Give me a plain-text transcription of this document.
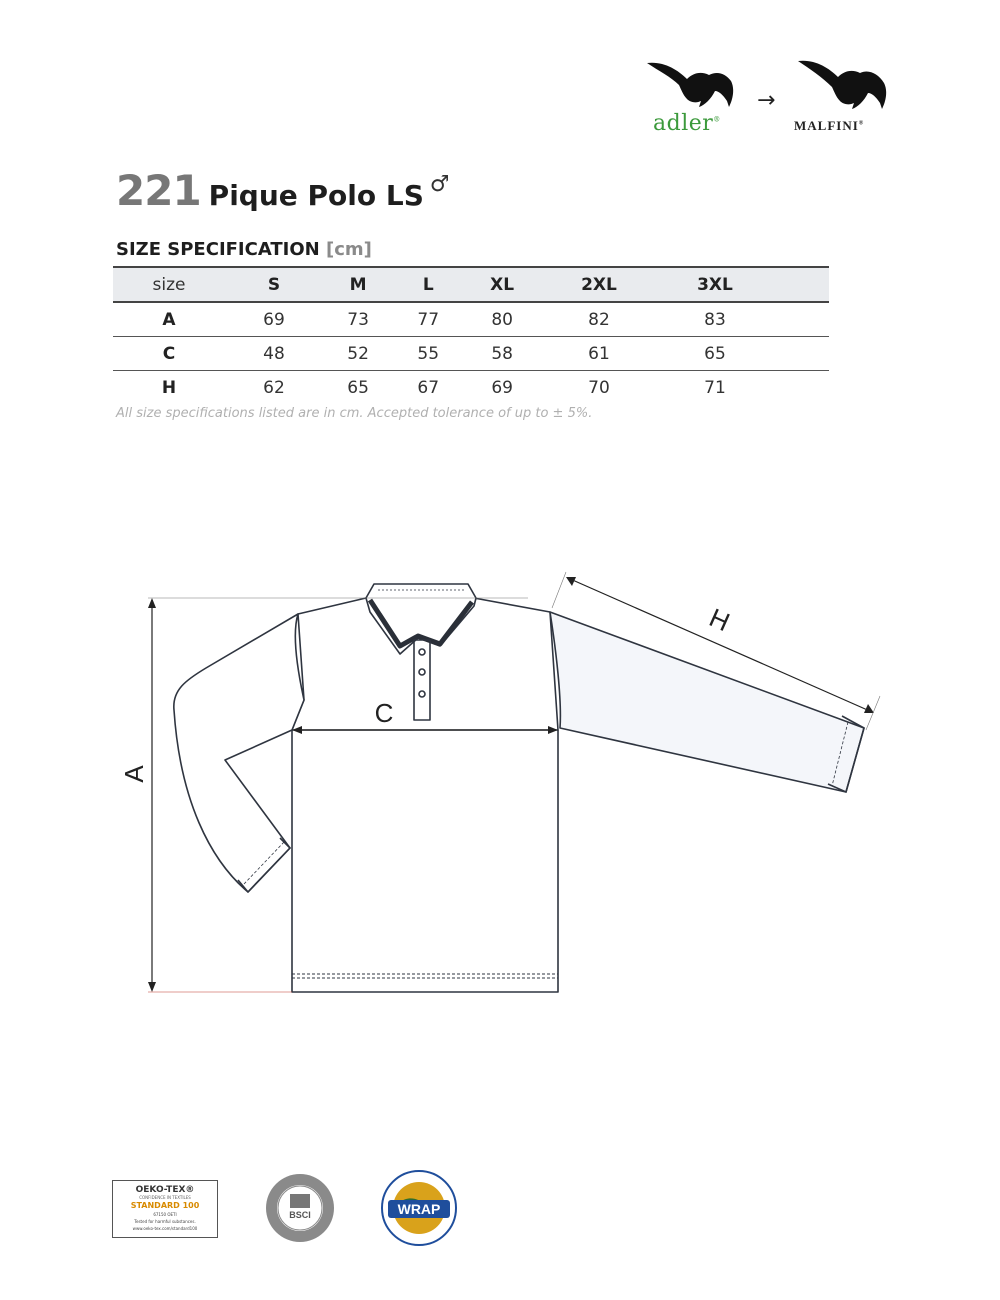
adler®
→
MALFINI®
221 Pique Polo LS ♂
SIZE SPECIFICATION [cm]
size	S	M	L	XL	2XL	3XL	
A	69	73	77	80	82	83	
C	48	52	55	58	61	65	
H	62	65	67	69	70	71	
All size specifications listed are in cm. Accepted tolerance of up to ± 5%.
A
C
H
OEKO-TEX®
CONFIDENCE IN TEXTILES
STANDARD 100
67150 OETI
Tested for harmful substances.
www.oeko-tex.com/standard100
BSCI	WRAP
